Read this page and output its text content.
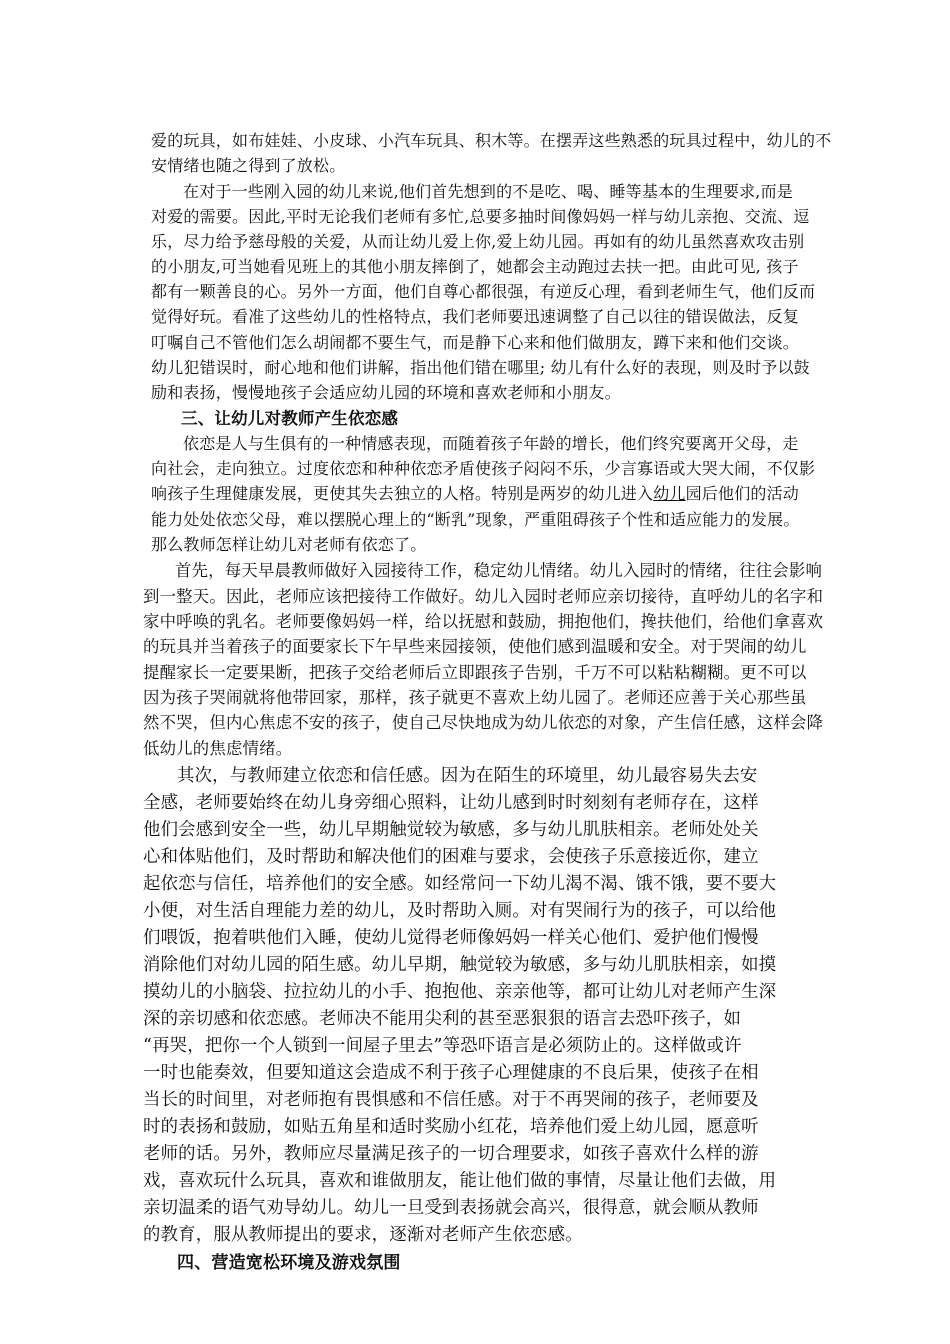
爱的玩具，如布娃娃、小皮球、小汽车玩具、积木等。在摆弄这些熟悉的玩具过程中，幼儿的不

安情绪也随之得到了放松。

在对于一些刚入园的幼儿来说,他们首先想到的不是吃、喝、睡等基本的生理要求,而是

对爱的需要。因此,平时无论我们老师有多忙,总要多抽时间像妈妈一样与幼儿亲抱、交流、逗

乐，尽力给予慈母般的关爱，从而让幼儿爱上你,爱上幼儿园。再如有的幼儿虽然喜欢攻击别

的小朋友,可当她看见班上的其他小朋友摔倒了，她都会主动跑过去扶一把。由此可见, 孩子

都有一颗善良的心。另外一方面，他们自尊心都很强，有逆反心理，看到老师生气，他们反而

觉得好玩。看准了这些幼儿的性格特点，我们老师要迅速调整了自己以往的错误做法，反复

叮嘱自己不管他们怎么胡闹都不要生气，而是静下心来和他们做朋友，蹲下来和他们交谈。

幼儿犯错误时，耐心地和他们讲解，指出他们错在哪里; 幼儿有什么好的表现，则及时予以鼓

励和表扬，慢慢地孩子会适应幼儿园的环境和喜欢老师和小朋友。

三、让幼儿对教师产生依恋感

依恋是人与生俱有的一种情感表现，而随着孩子年龄的增长，他们终究要离开父母，走

向社会，走向独立。过度依恋和种种依恋矛盾使孩子闷闷不乐，少言寡语或大哭大闹，不仅影

响孩子生理健康发展，更使其失去独立的人格。特别是两岁的幼儿进入幼儿园后他们的活动

能力处处依恋父母，难以摆脱心理上的“断乳”现象，严重阻碍孩子个性和适应能力的发展。

那么教师怎样让幼儿对老师有依恋了。

首先，每天早晨教师做好入园接待工作，稳定幼儿情绪。幼儿入园时的情绪，往往会影响

到一整天。因此，老师应该把接待工作做好。幼儿入园时老师应亲切接待，直呼幼儿的名字和

家中呼唤的乳名。老师要像妈妈一样，给以抚慰和鼓励，拥抱他们，搀扶他们，给他们拿喜欢

的玩具并当着孩子的面要家长下午早些来园接领，使他们感到温暖和安全。对于哭闹的幼儿

提醒家长一定要果断，把孩子交给老师后立即跟孩子告别，千万不可以粘粘糊糊。更不可以

因为孩子哭闹就将他带回家，那样，孩子就更不喜欢上幼儿园了。老师还应善于关心那些虽

然不哭，但内心焦虑不安的孩子，使自己尽快地成为幼儿依恋的对象，产生信任感，这样会降

低幼儿的焦虑情绪。

其次，与教师建立依恋和信任感。因为在陌生的环境里，幼儿最容易失去安

全感，老师要始终在幼儿身旁细心照料，让幼儿感到时时刻刻有老师存在，这样

他们会感到安全一些，幼儿早期触觉较为敏感，多与幼儿肌肤相亲。老师处处关

心和体贴他们，及时帮助和解决他们的困难与要求，会使孩子乐意接近你，建立

起依恋与信任，培养他们的安全感。如经常问一下幼儿渴不渴、饿不饿，要不要大

小便，对生活自理能力差的幼儿，及时帮助入厕。对有哭闹行为的孩子，可以给他

们喂饭，抱着哄他们入睡，使幼儿觉得老师像妈妈一样关心他们、爱护他们慢慢

消除他们对幼儿园的陌生感。幼儿早期，触觉较为敏感，多与幼儿肌肤相亲，如摸

摸幼儿的小脑袋、拉拉幼儿的小手、抱抱他、亲亲他等，都可让幼儿对老师产生深

深的亲切感和依恋感。老师决不能用尖利的甚至恶狠狠的语言去恐吓孩子，如

“再哭，把你一个人锁到一间屋子里去”等恐吓语言是必须防止的。这样做或许

一时也能奏效，但要知道这会造成不利于孩子心理健康的不良后果，使孩子在相

当长的时间里，对老师抱有畏惧感和不信任感。对于不再哭闹的孩子，老师要及

时的表扬和鼓励，如贴五角星和适时奖励小红花，培养他们爱上幼儿园，愿意听

老师的话。另外，教师应尽量满足孩子的一切合理要求，如孩子喜欢什么样的游

戏，喜欢玩什么玩具，喜欢和谁做朋友，能让他们做的事情，尽量让他们去做，用

亲切温柔的语气劝导幼儿。幼儿一旦受到表扬就会高兴，很得意，就会顺从教师

的教育，服从教师提出的要求，逐渐对老师产生依恋感。

四、营造宽松环境及游戏氛围
